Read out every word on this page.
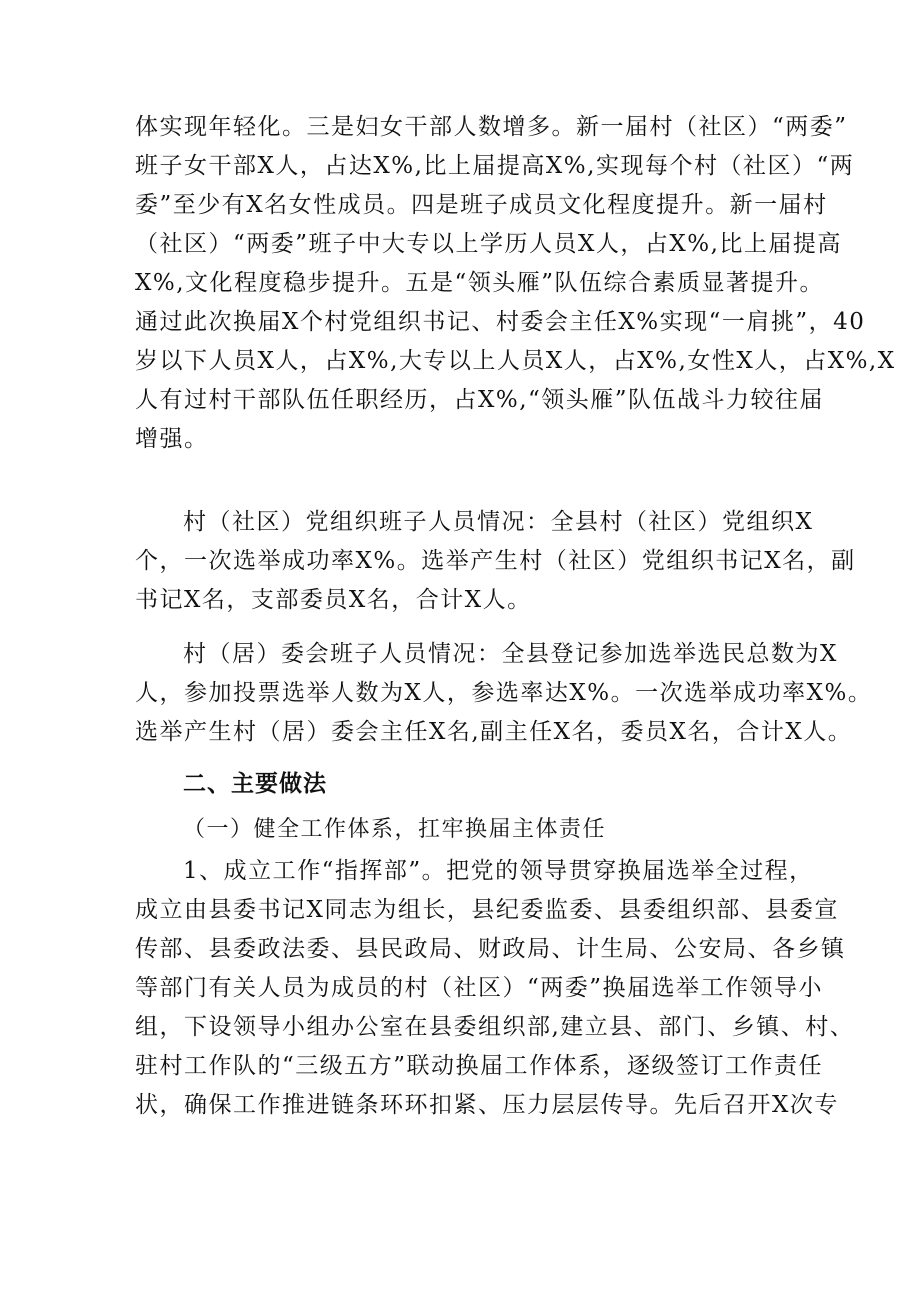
体实现年轻化。三是妇女干部人数增多。新一届村（社区）“两委”
班子女干部X人，占达X%,比上届提高X%,实现每个村（社区）“两
委”至少有X名女性成员。四是班子成员文化程度提升。新一届村
（社区）“两委”班子中大专以上学历人员X人，占X%,比上届提高
X%,文化程度稳步提升。五是“领头雁”队伍综合素质显著提升。
通过此次换届X个村党组织书记、村委会主任X%实现“一肩挑”，40
岁以下人员X人，占X%,大专以上人员X人，占X%,女性X人，占X%,X
人有过村干部队伍任职经历，占X%,“领头雁”队伍战斗力较往届
增强。
村（社区）党组织班子人员情况：全县村（社区）党组织X
个，一次选举成功率X%。选举产生村（社区）党组织书记X名，副
书记X名，支部委员X名，合计X人。
村（居）委会班子人员情况：全县登记参加选举选民总数为X
人，参加投票选举人数为X人，参选率达X%。一次选举成功率X%。
选举产生村（居）委会主任X名,副主任X名，委员X名，合计X人。
二、主要做法
（一）健全工作体系，扛牢换届主体责任
1、成立工作“指挥部”。把党的领导贯穿换届选举全过程，
成立由县委书记X同志为组长，县纪委监委、县委组织部、县委宣
传部、县委政法委、县民政局、财政局、计生局、公安局、各乡镇
等部门有关人员为成员的村（社区）“两委”换届选举工作领导小
组，下设领导小组办公室在县委组织部,建立县、部门、乡镇、村、
驻村工作队的“三级五方”联动换届工作体系，逐级签订工作责任
状，确保工作推进链条环环扣紧、压力层层传导。先后召开X次专
